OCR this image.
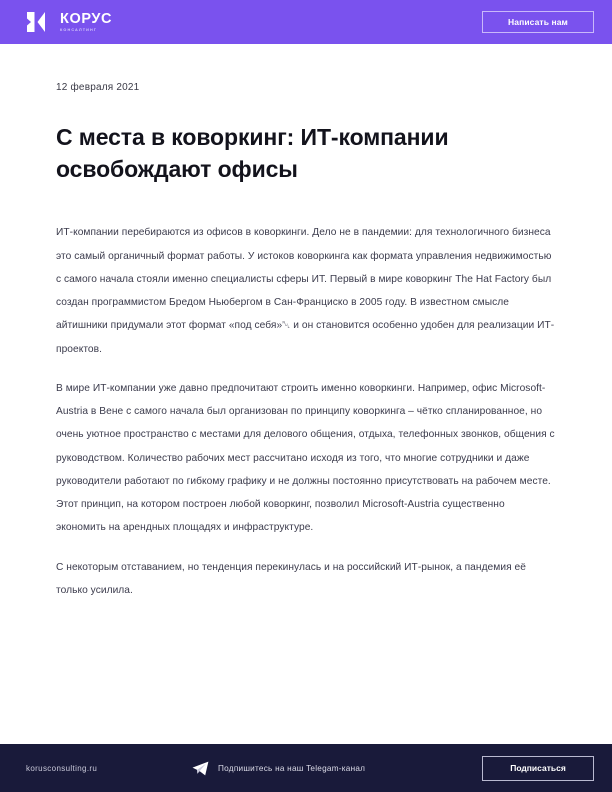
КОРУС
КОНСАЛТИНГ
Написать нам
12 февраля 2021
С места в коворкинг: ИТ-компании освобождают офисы

ИТ-компании перебираются из офисов в коворкинги. Дело не в пандемии: для технологичного бизнеса это самый органичный формат работы. У истоков коворкинга как формата управления недвижимостью с самого начала стояли именно специалисты сферы ИТ. Первый в мире коворкинг The Hat Factory был создан программистом Бредом Ньюбергом в Сан-Франциско в 2005 году. В известном смысле айтишники придумали этот формат «под себя»␀ и он становится особенно удобен для реализации ИТ-проектов.

В мире ИТ-компании уже давно предпочитают строить именно коворкинги. Например, офис Microsoft-Austria в Вене с самого начала был организован по принципу коворкинга – чётко спланированное, но очень уютное пространство с местами для делового общения, отдыха, телефонных звонков, общения с руководством. Количество рабочих мест рассчитано исходя из того, что многие сотрудники и даже руководители работают по гибкому графику и не должны постоянно присутствовать на рабочем месте. Этот принцип, на котором построен любой коворкинг, позволил Microsoft-Austria существенно экономить на арендных площадях и инфраструктуре.

С некоторым отставанием, но тенденция перекинулась и на российский ИТ-рынок, а пандемия её только усилила.

korusconsulting.ru	Подпишитесь на наш Telegam-канал	Подписаться
